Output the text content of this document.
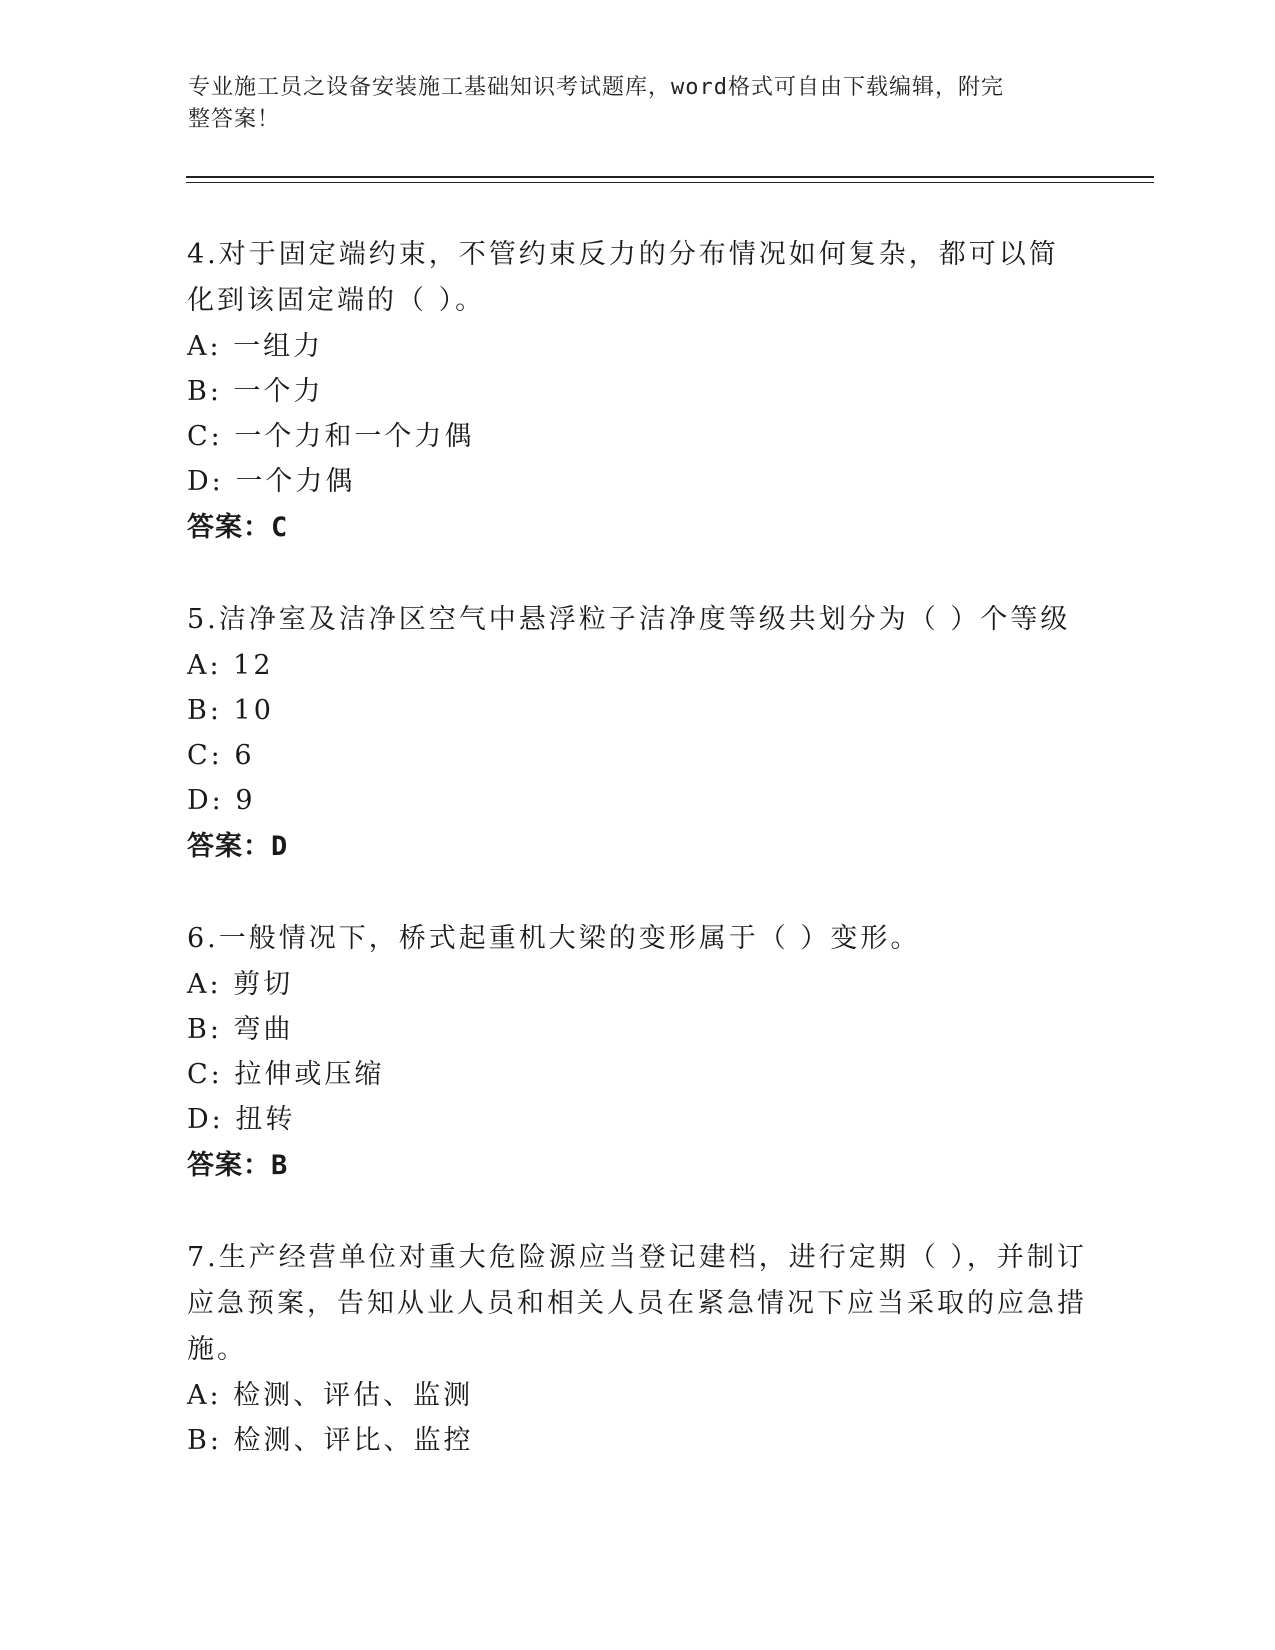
专业施工员之设备安装施工基础知识考试题库，word格式可自由下载编辑，附完
整答案！

4.对于固定端约束，不管约束反力的分布情况如何复杂，都可以简化到该固定端的（ ）。

A: 一组力

B: 一个力

C: 一个力和一个力偶

D: 一个力偶

答案：C

5.洁净室及洁净区空气中悬浮粒子洁净度等级共划分为（ ）个等级

A: 12

B: 10

C: 6

D: 9

答案：D

6.一般情况下，桥式起重机大梁的变形属于（ ）变形。

A: 剪切

B: 弯曲

C: 拉伸或压缩

D: 扭转

答案：B

7.生产经营单位对重大危险源应当登记建档，进行定期（ ），并制订应急预案，告知从业人员和相关人员在紧急情况下应当采取的应急措施。

A: 检测、评估、监测

B: 检测、评比、监控
